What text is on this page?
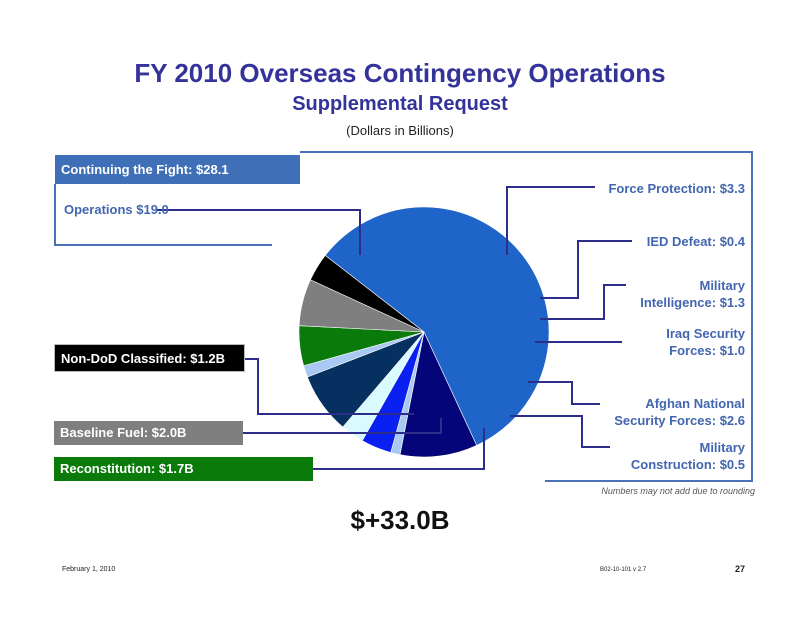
FY 2010 Overseas Contingency Operations
Supplemental Request
(Dollars in Billions)
Continuing the Fight: $28.1
Operations $19.0
Force Protection: $3.3
IED Defeat: $0.4
Military
Intelligence: $1.3
Iraq Security
Forces: $1.0
Afghan National
Security Forces: $2.6
Military
Construction: $0.5
Non-DoD Classified: $1.2B
Baseline Fuel: $2.0B
Reconstitution: $1.7B
Numbers may not add due to rounding
$+33.0B
February 1, 2010	B02-10-101 v 2.7	27
